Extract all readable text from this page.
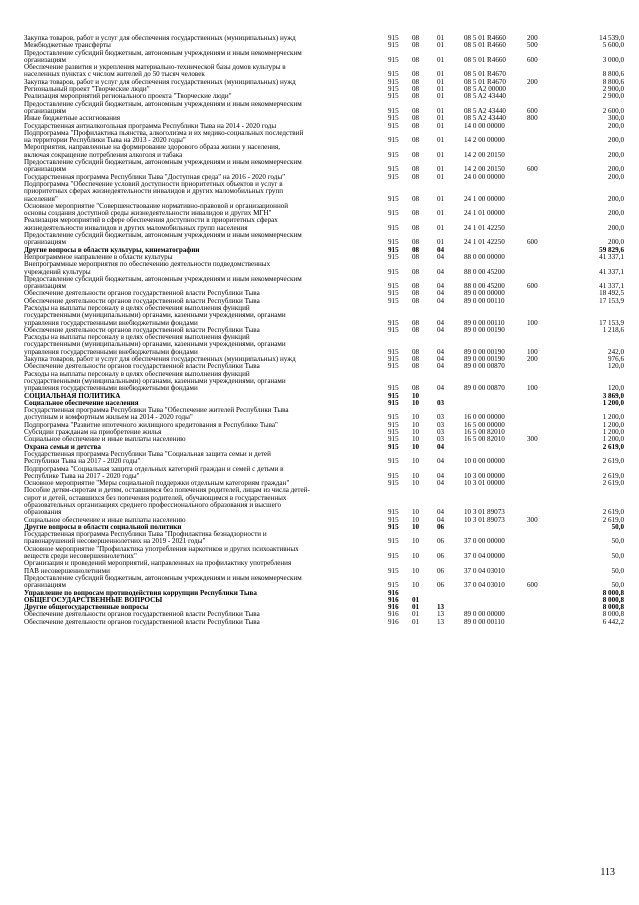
Закупка товаров, работ и услуг для обеспечения государственных (муниципальных) нужд	915 08	01	08 5 01 R4660	200	14 539,0
Межбюджетные трансферты	915 08	01	08 5 01 R4660	500	5 600,0
Предоставление субсидий бюджетным, автономным учреждениям и иным некоммерческим
организациям	915 08	01	08 5 01 R4660	600	3 000,0
Обеспечение развития и укрепления материально-технической базы домов культуры в
населенных пунктах с числом жителей до 50 тысяч человек	915 08	01	08 5 01 R4670	8 800,6
Закупка товаров, работ и услуг для обеспечения государственных (муниципальных) нужд	915 08	01	08 5 01 R4670	200	8 800,6
Региональный проект "Творческие люди"	915 08	01	08 5 A2 00000	2 900,0
Реализация мероприятий регионального проекта "Творческие люди"	915 08	01	08 5 A2 43440	2 900,0
Предоставление субсидий бюджетным, автономным учреждениям и иным некоммерческим
организациям	915 08	01	08 5 A2 43440	600	2 600,0
Иные бюджетные ассигнования	915 08	01	08 5 A2 43440	800	300,0
Государственная антиалкогольная программа Республики Тыва на 2014 - 2020 годы	915 08	01	14 0 00 00000	200,0
Подпрограмма "Профилактика пьянства, алкоголизма и их медико-социальных последствий
на территории Республики Тыва на 2013 - 2020 годы"	915 08	01	14 2 00 00000	200,0
Мероприятия, направленные на формирование здорового образа жизни у населения,
включая сокращение потребления алкоголя и табака	915 08	01	14 2 00 20150	200,0
Предоставление субсидий бюджетным, автономным учреждениям и иным некоммерческим
организациям	915 08	01	14 2 00 20150	600	200,0
Государственная программа Республики Тыва "Доступная среда" на 2016 - 2020 годы"	915 08	01	24 0 00 00000	200,0
Подпрограмма "Обеспечение условий доступности приоритетных объектов и услуг в
приоритетных сферах жизнедеятельности инвалидов и других маломобильных групп
населения"	915 08	01	24 1 00 00000	200,0
Основное мероприятие "Совершенствование нормативно-правовой и организационной
основы создания доступной среды жизнедеятельности инвалидов и других МГН"	915 08	01	24 1 01 00000	200,0
Реализация мероприятий в сфере обеспечения доступности в приоритетных сферах
жизнедеятельности инвалидов и других маломобильных групп населения	915 08	01	24 1 01 42250	200,0
Предоставление субсидий бюджетным, автономным учреждениям и иным некоммерческим
организациям	915 08	01	24 1 01 42250	600	200,0
Другие вопросы в области культуры, кинематографии	915 08	04	59 829,6
Непрограммное направление в области культуры	915 08	04	88 0 00 00000	41 337,1
Внепрограммные мероприятия по обеспечению деятельности подведомственных
учреждений культуры	915 08	04	88 0 00 45200	41 337,1
Предоставление субсидий бюджетным, автономным учреждениям и иным некоммерческим
организациям	915 08	04	88 0 00 45200	600	41 337,1
Обеспечение деятельности органов государственной власти Республики Тыва	915 08	04	89 0 00 00000	18 492,5
Обеспечение деятельности органов государственной власти Республики Тыва	915 08	04	89 0 00 00110	17 153,9
Расходы на выплаты персоналу в целях обеспечения выполнения функций
государственными (муниципальными) органами, казенными учреждениями, органами
управления государственными внебюджетными фондами	915 08	04	89 0 00 00110	100	17 153,9
Обеспечение деятельности органов государственной власти Республики Тыва	915 08	04	89 0 00 00190	1 218,6
Расходы на выплаты персоналу в целях обеспечения выполнения функций
государственными (муниципальными) органами, казенными учреждениями, органами
управления государственными внебюджетными фондами	915 08	04	89 0 00 00190	100	242,0
Закупка товаров, работ и услуг для обеспечения государственных (муниципальных) нужд	915 08	04	89 0 00 00190	200	976,6
Обеспечение деятельности органов государственной власти Республики Тыва	915 08	04	89 0 00 00870	120,0
Расходы на выплаты персоналу в целях обеспечения выполнения функций
государственными (муниципальными) органами, казенными учреждениями, органами
управления государственными внебюджетными фондами	915 08	04	89 0 00 00870	100	120,0
СОЦИАЛЬНАЯ ПОЛИТИКА	915 10	3 869,0
Социальное обеспечение населения	915 10	03	1 200,0
Государственная программа Республики Тыва "Обеспечение жителей Республики Тыва
доступным и комфортным жильем на 2014 - 2020 годы"	915 10	03	16 0 00 00000	1 200,0
Подпрограмма "Развитие ипотечного жилищного кредитования в Республике Тыва"	915 10	03	16 5 00 00000	1 200,0
Субсидии гражданам на приобретение жилья	915 10	03	16 5 00 82010	1 200,0
Социальное обеспечение и иные выплаты населению	915 10	03	16 5 00 82010	300	1 200,0
Охрана семьи и детства	915 10	04	2 619,0
Государственная программа Республики Тыва "Социальная защита семьи и детей
Республики Тыва на 2017 - 2020 годы"	915 10	04	10 0 00 00000	2 619,0
Подпрограмма "Социальная защита отдельных категорий граждан и семей с детьми в
Республике Тыва на 2017 - 2020 годы"	915 10	04	10 3 00 00000	2 619,0
Основное мероприятие "Меры социальной поддержки отдельным категориям граждан"	915 10	04	10 3 01 00000	2 619,0
Пособие детям-сиротам и детям, оставшимся без попечения родителей, лицам из числа детей-
сирот и детей, оставшихся без попечения родителей, обучающимся в государственных
образовательных организациях среднего профессионального образования и высшего
образования	915 10	04	10 3 01 89073	2 619,0
Социальное обеспечение и иные выплаты населению	915 10	04	10 3 01 89073	300	2 619,0
Другие вопросы в области социальной политики	915 10	06	50,0
Государственная программа Республики Тыва "Профилактика безнадзорности и
правонарушений несовершеннолетних на 2019 - 2021 годы"	915 10	06	37 0 00 00000	50,0
Основное мероприятие "Профилактика употребления наркотиков и других психоактивных
веществ среди несовершеннолетних"	915 10	06	37 0 04 00000	50,0
Организация и проведений мероприятий, направленных на профилактику употребления
ПАВ несовершеннолетними	915 10	06	37 0 04 03010	50,0
Предоставление субсидий бюджетным, автономным учреждениям и иным некоммерческим
организациям	915 10	06	37 0 04 03010	600	50,0
Управление по вопросам противодействия коррупции Республики Тыва	916	8 000,8
ОБЩЕГОСУДАРСТВЕННЫЕ ВОПРОСЫ	916 01	8 000,8
Другие общегосударственные вопросы	916 01	13	8 000,8
Обеспечение деятельности органов государственной власти Республики Тыва	916 01	13	89 0 00 00000	8 000,8
Обеспечение деятельности органов государственной власти Республики Тыва	916 01	13	89 0 00 00110	6 442,2
113
